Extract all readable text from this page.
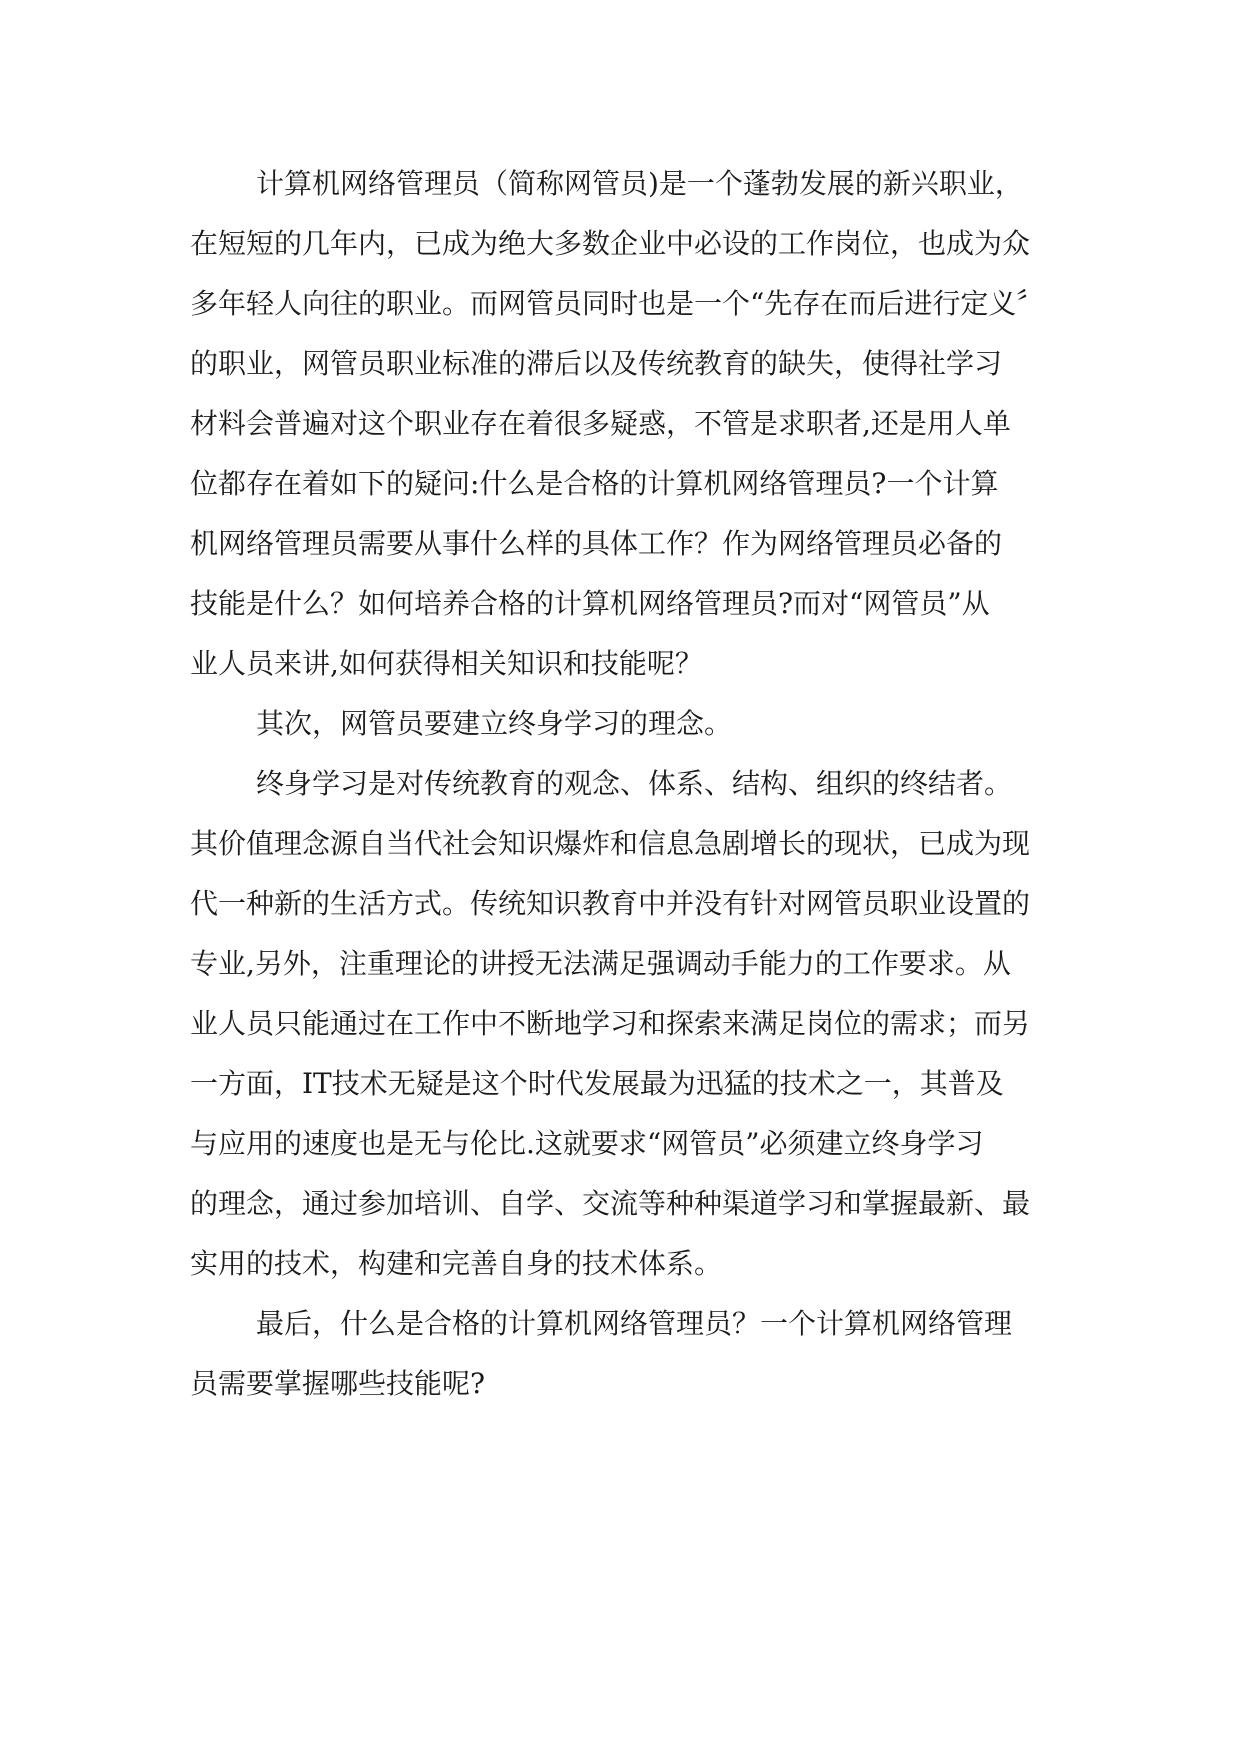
计算机网络管理员（简称网管员)是一个蓬勃发展的新兴职业，

在短短的几年内，已成为绝大多数企业中必设的工作岗位，也成为众

多年轻人向往的职业。而网管员同时也是一个“先存在而后进行定义〞

的职业，网管员职业标准的滞后以及传统教育的缺失，使得社学习

材料会普遍对这个职业存在着很多疑惑，不管是求职者,还是用人单

位都存在着如下的疑问:什么是合格的计算机网络管理员?一个计算

机网络管理员需要从事什么样的具体工作？作为网络管理员必备的

技能是什么？如何培养合格的计算机网络管理员?而对“网管员”从

业人员来讲,如何获得相关知识和技能呢？

其次，网管员要建立终身学习的理念。

终身学习是对传统教育的观念、体系、结构、组织的终结者。

其价值理念源自当代社会知识爆炸和信息急剧增长的现状，已成为现

代一种新的生活方式。传统知识教育中并没有针对网管员职业设置的

专业,另外，注重理论的讲授无法满足强调动手能力的工作要求。从

业人员只能通过在工作中不断地学习和探索来满足岗位的需求；而另

一方面，IT技术无疑是这个时代发展最为迅猛的技术之一，其普及

与应用的速度也是无与伦比.这就要求“网管员”必须建立终身学习

的理念，通过参加培训、自学、交流等种种渠道学习和掌握最新、最

实用的技术，构建和完善自身的技术体系。

最后，什么是合格的计算机网络管理员？一个计算机网络管理

员需要掌握哪些技能呢?
